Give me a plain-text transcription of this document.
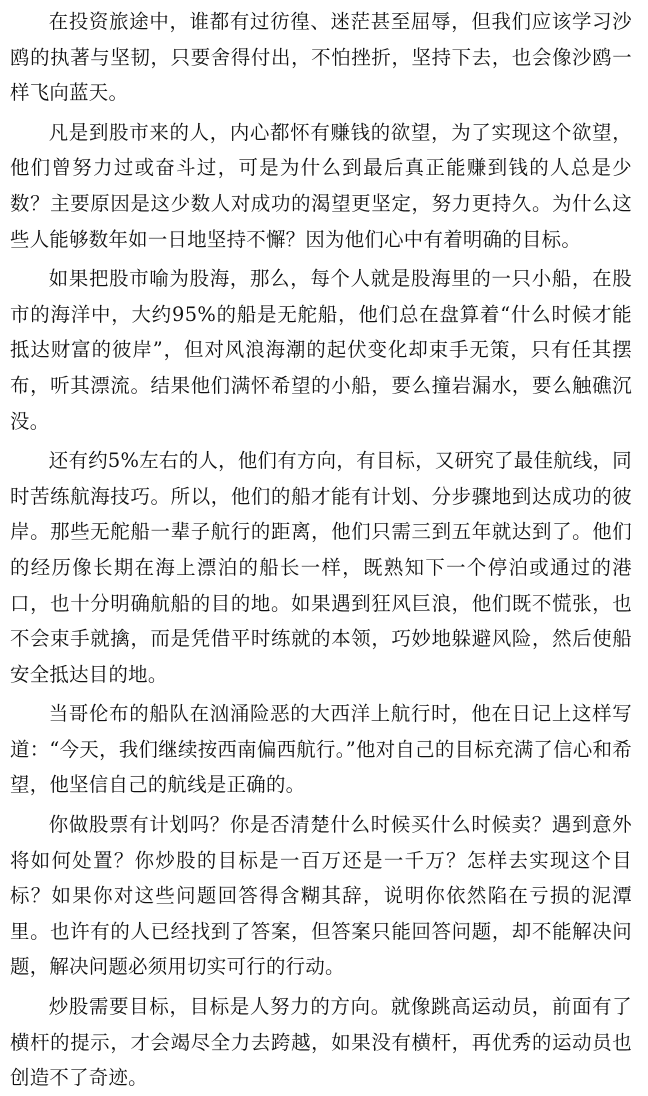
在投资旅途中，谁都有过彷徨、迷茫甚至屈辱，但我们应该学习沙鸥的执著与坚韧，只要舍得付出，不怕挫折，坚持下去，也会像沙鸥一样飞向蓝天。

凡是到股市来的人，内心都怀有赚钱的欲望，为了实现这个欲望，他们曾努力过或奋斗过，可是为什么到最后真正能赚到钱的人总是少数？主要原因是这少数人对成功的渴望更坚定，努力更持久。为什么这些人能够数年如一日地坚持不懈？因为他们心中有着明确的目标。

如果把股市喻为股海，那么，每个人就是股海里的一只小船，在股市的海洋中，大约95%的船是无舵船，他们总在盘算着“什么时候才能抵达财富的彼岸”，但对风浪海潮的起伏变化却束手无策，只有任其摆布，听其漂流。结果他们满怀希望的小船，要么撞岩漏水，要么触礁沉没。

还有约5%左右的人，他们有方向，有目标，又研究了最佳航线，同时苦练航海技巧。所以，他们的船才能有计划、分步骤地到达成功的彼岸。那些无舵船一辈子航行的距离，他们只需三到五年就达到了。他们的经历像长期在海上漂泊的船长一样，既熟知下一个停泊或通过的港口，也十分明确航船的目的地。如果遇到狂风巨浪，他们既不慌张，也不会束手就擒，而是凭借平时练就的本领，巧妙地躲避风险，然后使船安全抵达目的地。

当哥伦布的船队在汹涌险恶的大西洋上航行时，他在日记上这样写道：“今天，我们继续按西南偏西航行。”他对自己的目标充满了信心和希望，他坚信自己的航线是正确的。

你做股票有计划吗？你是否清楚什么时候买什么时候卖？遇到意外将如何处置？你炒股的目标是一百万还是一千万？怎样去实现这个目标？如果你对这些问题回答得含糊其辞，说明你依然陷在亏损的泥潭里。也许有的人已经找到了答案，但答案只能回答问题，却不能解决问题，解决问题必须用切实可行的行动。

炒股需要目标，目标是人努力的方向。就像跳高运动员，前面有了横杆的提示，才会竭尽全力去跨越，如果没有横杆，再优秀的运动员也创造不了奇迹。
